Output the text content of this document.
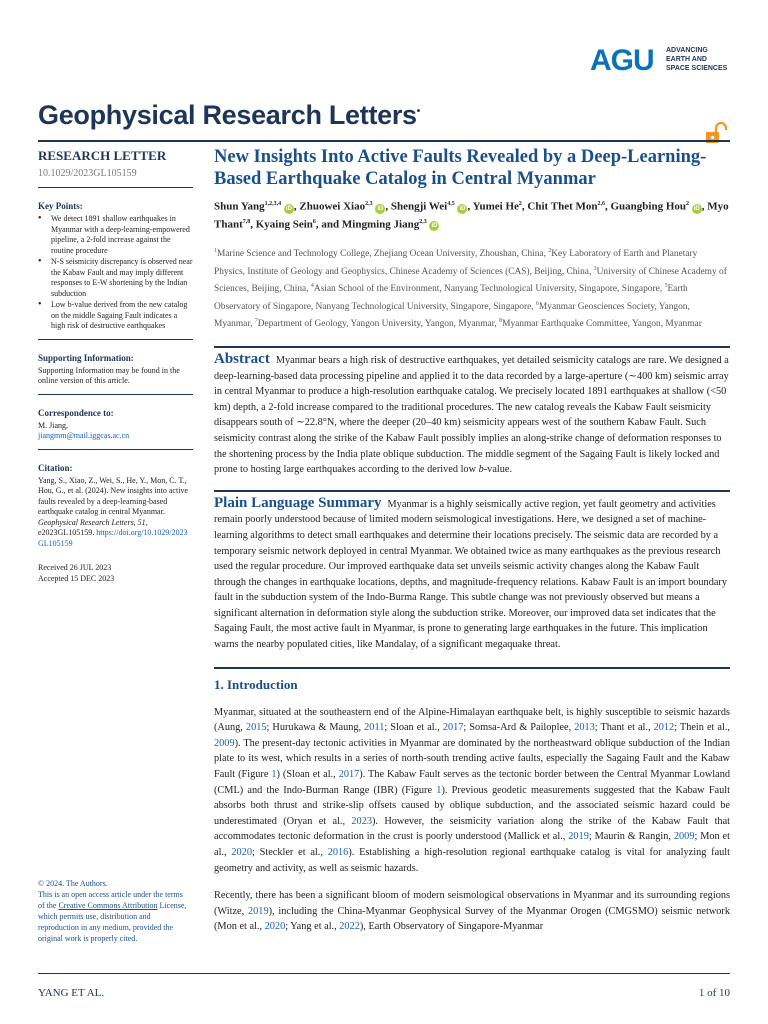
AGU ADVANCING
EARTH AND
SPACE SCIENCES
Geophysical Research Letters•
RESEARCH LETTER
10.1029/2023GL105159
Key Points:
• We detect 1891 shallow earthquakes in Myanmar with a deep-learning-empowered pipeline, a 2-fold increase against the routine procedure
• N-S seismicity discrepancy is observed near the Kabaw Fault and may imply different responses to E-W shortening by the Indian subduction
• Low b-value derived from the new catalog on the middle Sagaing Fault indicates a high risk of destructive earthquakes
Supporting Information:
Supporting Information may be found in the online version of this article.
Correspondence to:
M. Jiang,
jiangmm@mail.iggcas.ac.cn
Citation:
Yang, S., Xiao, Z., Wei, S., He, Y., Mon, C. T., Hou, G., et al. (2024). New insights into active faults revealed by a deep-learning-based earthquake catalog in central Myanmar. Geophysical Research Letters, 51, e2023GL105159. https://doi.org/10.1029/2023GL105159
Received 26 JUL 2023
Accepted 15 DEC 2023
© 2024. The Authors.
This is an open access article under the terms of the Creative Commons Attribution License, which permits use, distribution and reproduction in any medium, provided the original work is properly cited.
New Insights Into Active Faults Revealed by a Deep-Learning-Based Earthquake Catalog in Central Myanmar
Shun Yang$^{1,2,3,4}$ iD , Zhuowei Xiao$^{2,3}$ iD , Shengji Wei$^{4,5}$ iD , Yumei He$^2$, Chit Thet Mon$^{2,6}$, Guangbing Hou$^2$ iD , Myo Thant$^{7,8}$, Kyaing Sein$^6$, and Mingming Jiang$^{2,3}$ iD
$^1$Marine Science and Technology College, Zhejiang Ocean University, Zhoushan, China, $^2$Key Laboratory of Earth and Planetary Physics, Institute of Geology and Geophysics, Chinese Academy of Sciences (CAS), Beijing, China, $^3$University of Chinese Academy of Sciences, Beijing, China, $^4$Asian School of the Environment, Nanyang Technological University, Singapore, Singapore, $^5$Earth Observatory of Singapore, Nanyang Technological University, Singapore, Singapore, $^6$Myanmar Geosciences Society, Yangon, Myanmar, $^7$Department of Geology, Yangon University, Yangon, Myanmar, $^8$Myanmar Earthquake Committee, Yangon, Myanmar

Abstract Myanmar bears a high risk of destructive earthquakes, yet detailed seismicity catalogs are rare. We designed a deep-learning-based data processing pipeline and applied it to the data recorded by a large-aperture (∼400 km) seismic array in central Myanmar to produce a high-resolution earthquake catalog. We precisely located 1891 earthquakes at shallow (<50 km) depth, a 2-fold increase compared to the traditional procedures. The new catalog reveals the Kabaw Fault seismicity disappears south of ∼22.8°N, where the deeper (20–40 km) seismicity appears west of the southern Kabaw Fault. Such seismicity contrast along the strike of the Kabaw Fault possibly implies an along-strike change of deformation responses to the shortening process by the India plate oblique subduction. The middle segment of the Sagaing Fault is likely locked and prone to hosting large earthquakes according to the derived low b-value.

Plain Language Summary Myanmar is a highly seismically active region, yet fault geometry and activities remain poorly understood because of limited modern seismological investigations. Here, we designed a set of machine-learning algorithms to detect small earthquakes and determine their locations precisely. The seismic data are recorded by a temporary seismic network deployed in central Myanmar. We obtained twice as many earthquakes as the previous research used the regular procedure. Our improved earthquake data set unveils seismic activity changes along the Kabaw Fault through the changes in earthquake locations, depths, and magnitude-frequency relations. Kabaw Fault is an import boundary fault in the subduction system of the Indo-Burma Range. This subtle change was not previously observed but means a significant alternation in deformation style along the subduction strike. Moreover, our improved data set indicates that the Sagaing Fault, the most active fault in Myanmar, is prone to generating large earthquakes in the future. This implication warns the nearby populated cities, like Mandalay, of a significant megaquake threat.

1. Introduction

Myanmar, situated at the southeastern end of the Alpine-Himalayan earthquake belt, is highly susceptible to seismic hazards (Aung, 2015; Hurukawa & Maung, 2011; Sloan et al., 2017; Somsa-Ard & Pailoplee, 2013; Thant et al., 2012; Thein et al., 2009). The present-day tectonic activities in Myanmar are dominated by the northeastward oblique subduction of the Indian plate to its west, which results in a series of north-south trending active faults, especially the Sagaing Fault and the Kabaw Fault (Figure 1) (Sloan et al., 2017). The Kabaw Fault serves as the tectonic border between the Central Myanmar Lowland (CML) and the Indo-Burman Range (IBR) (Figure 1). Previous geodetic measurements suggested that the Kabaw Fault absorbs both thrust and strike-slip offsets caused by oblique subduction, and the associated seismic hazard could be underestimated (Oryan et al., 2023). However, the seismicity variation along the strike of the Kabaw Fault that accommodates tectonic deformation in the crust is poorly understood (Mallick et al., 2019; Maurin & Rangin, 2009; Mon et al., 2020; Steckler et al., 2016). Establishing a high-resolution regional earthquake catalog is vital for analyzing fault geometry and activity, as well as seismic hazards.

Recently, there has been a significant bloom of modern seismological observations in Myanmar and its surrounding regions (Witze, 2019), including the China-Myanmar Geophysical Survey of the Myanmar Orogen (CMGSMO) seismic network (Mon et al., 2020; Yang et al., 2022), Earth Observatory of Singapore-Myanmar

YANG ET AL.	1 of 10
